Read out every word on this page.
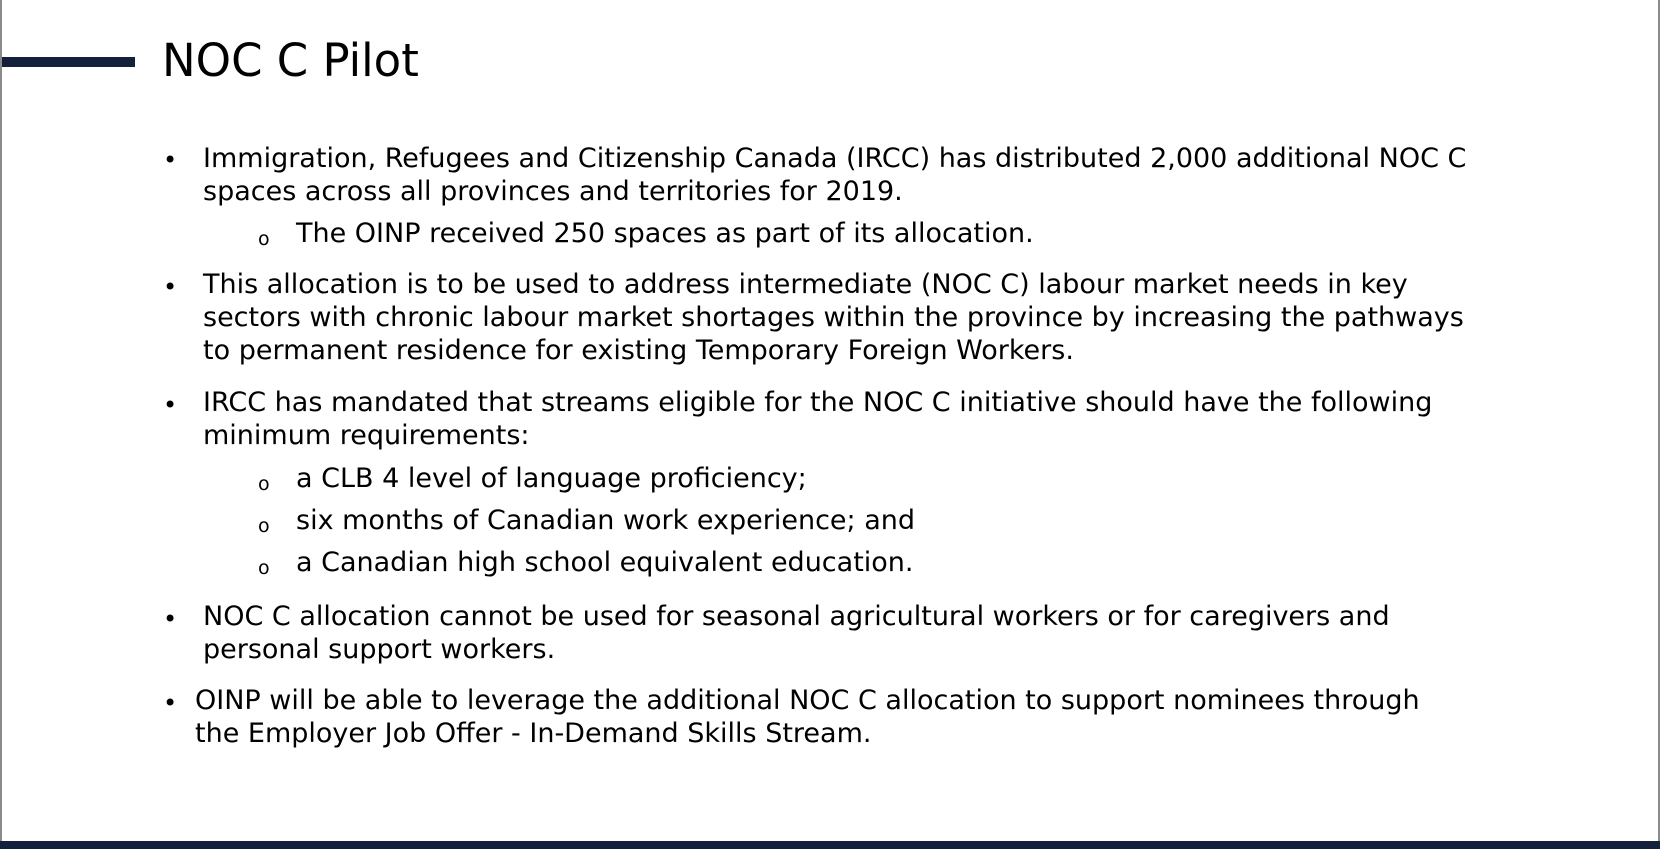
NOC C Pilot
• Immigration, Refugees and Citizenship Canada (IRCC) has distributed 2,000 additional NOC C
spaces across all provinces and territories for 2019.
o The OINP received 250 spaces as part of its allocation.
• This allocation is to be used to address intermediate (NOC C) labour market needs in key
sectors with chronic labour market shortages within the province by increasing the pathways
to permanent residence for existing Temporary Foreign Workers.
• IRCC has mandated that streams eligible for the NOC C initiative should have the following
minimum requirements:
o a CLB 4 level of language proficiency;
o six months of Canadian work experience; and
o a Canadian high school equivalent education.
• NOC C allocation cannot be used for seasonal agricultural workers or for caregivers and
personal support workers.
• OINP will be able to leverage the additional NOC C allocation to support nominees through
the Employer Job Offer - In-Demand Skills Stream.
